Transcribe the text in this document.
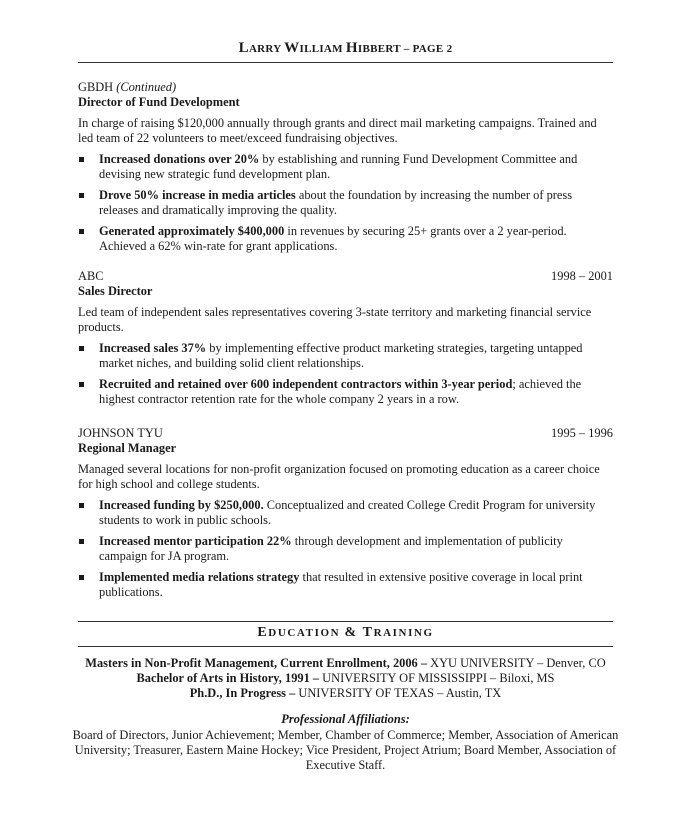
LARRY WILLIAM HIBBERT – PAGE 2
GBDH (Continued)
Director of Fund Development
In charge of raising $120,000 annually through grants and direct mail marketing campaigns. Trained and led team of 22 volunteers to meet/exceed fundraising objectives.
Increased donations over 20% by establishing and running Fund Development Committee and devising new strategic fund development plan.
Drove 50% increase in media articles about the foundation by increasing the number of press releases and dramatically improving the quality.
Generated approximately $400,000 in revenues by securing 25+ grants over a 2 year-period. Achieved a 62% win-rate for grant applications.
ABC	1998 – 2001
Sales Director
Led team of independent sales representatives covering 3-state territory and marketing financial service products.
Increased sales 37% by implementing effective product marketing strategies, targeting untapped market niches, and building solid client relationships.
Recruited and retained over 600 independent contractors within 3-year period; achieved the highest contractor retention rate for the whole company 2 years in a row.
JOHNSON TYU	1995 – 1996
Regional Manager
Managed several locations for non-profit organization focused on promoting education as a career choice for high school and college students.
Increased funding by $250,000. Conceptualized and created College Credit Program for university students to work in public schools.
Increased mentor participation 22% through development and implementation of publicity campaign for JA program.
Implemented media relations strategy that resulted in extensive positive coverage in local print publications.
EDUCATION & TRAINING
Masters in Non-Profit Management, Current Enrollment, 2006 – XYU UNIVERSITY – Denver, CO
Bachelor of Arts in History, 1991 – UNIVERSITY OF MISSISSIPPI – Biloxi, MS
Ph.D., In Progress – UNIVERSITY OF TEXAS – Austin, TX
Professional Affiliations:
Board of Directors, Junior Achievement; Member, Chamber of Commerce; Member, Association of American University; Treasurer, Eastern Maine Hockey; Vice President, Project Atrium; Board Member, Association of Executive Staff.
